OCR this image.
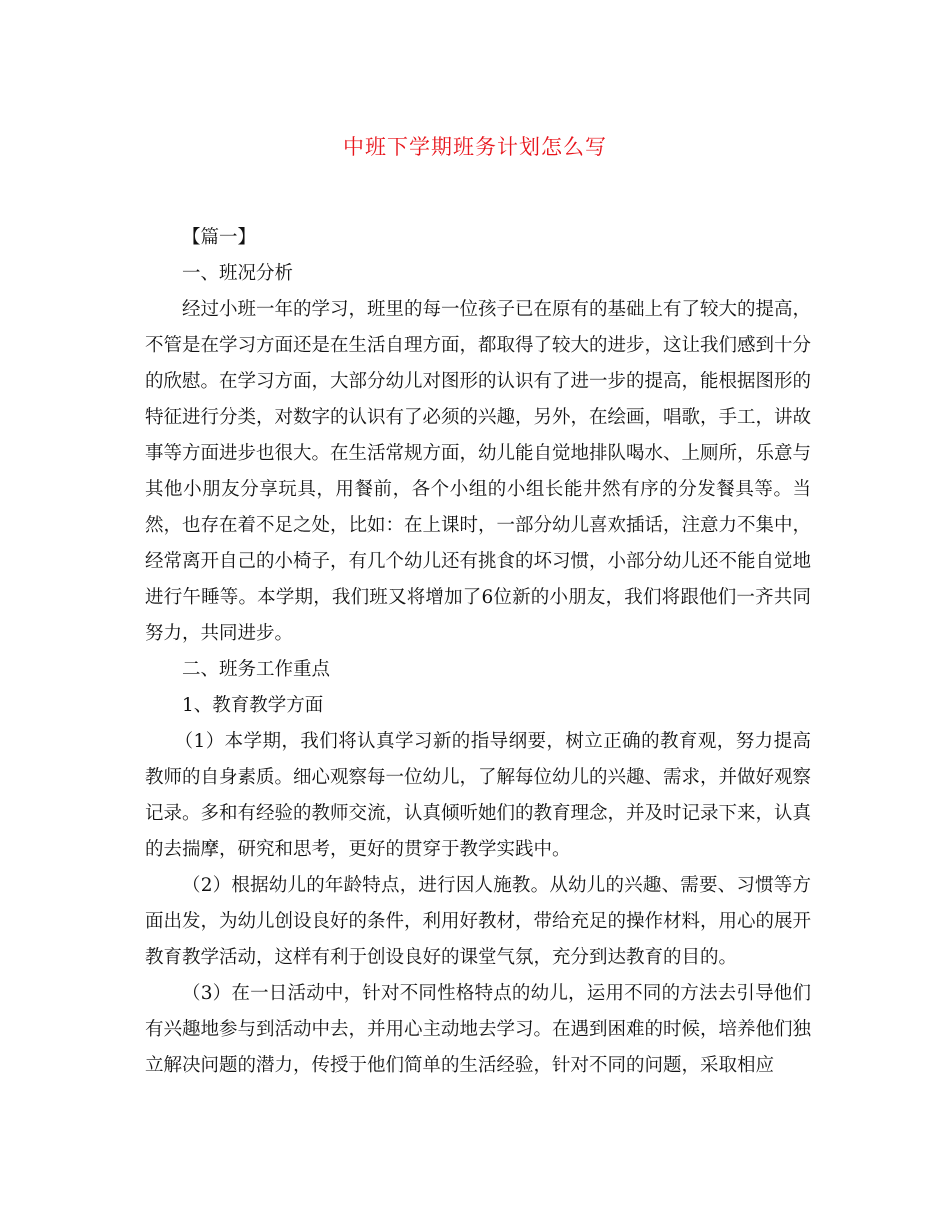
中班下学期班务计划怎么写

【篇一】

一、班况分析

经过小班一年的学习，班里的每一位孩子已在原有的基础上有了较大的提高，不管是在学习方面还是在生活自理方面，都取得了较大的进步，这让我们感到十分的欣慰。在学习方面，大部分幼儿对图形的认识有了进一步的提高，能根据图形的特征进行分类，对数字的认识有了必须的兴趣，另外，在绘画，唱歌，手工，讲故事等方面进步也很大。在生活常规方面，幼儿能自觉地排队喝水、上厕所，乐意与其他小朋友分享玩具，用餐前，各个小组的小组长能井然有序的分发餐具等。当然，也存在着不足之处，比如：在上课时，一部分幼儿喜欢插话，注意力不集中，经常离开自己的小椅子，有几个幼儿还有挑食的坏习惯，小部分幼儿还不能自觉地进行午睡等。本学期，我们班又将增加了6位新的小朋友，我们将跟他们一齐共同努力，共同进步。

二、班务工作重点

1、教育教学方面

（1）本学期，我们将认真学习新的指导纲要，树立正确的教育观，努力提高教师的自身素质。细心观察每一位幼儿，了解每位幼儿的兴趣、需求，并做好观察记录。多和有经验的教师交流，认真倾听她们的教育理念，并及时记录下来，认真的去揣摩，研究和思考，更好的贯穿于教学实践中。

（2）根据幼儿的年龄特点，进行因人施教。从幼儿的兴趣、需要、习惯等方面出发，为幼儿创设良好的条件，利用好教材，带给充足的操作材料，用心的展开教育教学活动，这样有利于创设良好的课堂气氛，充分到达教育的目的。

（3）在一日活动中，针对不同性格特点的幼儿，运用不同的方法去引导他们有兴趣地参与到活动中去，并用心主动地去学习。在遇到困难的时候，培养他们独立解决问题的潜力，传授于他们简单的生活经验，针对不同的问题，采取相应
